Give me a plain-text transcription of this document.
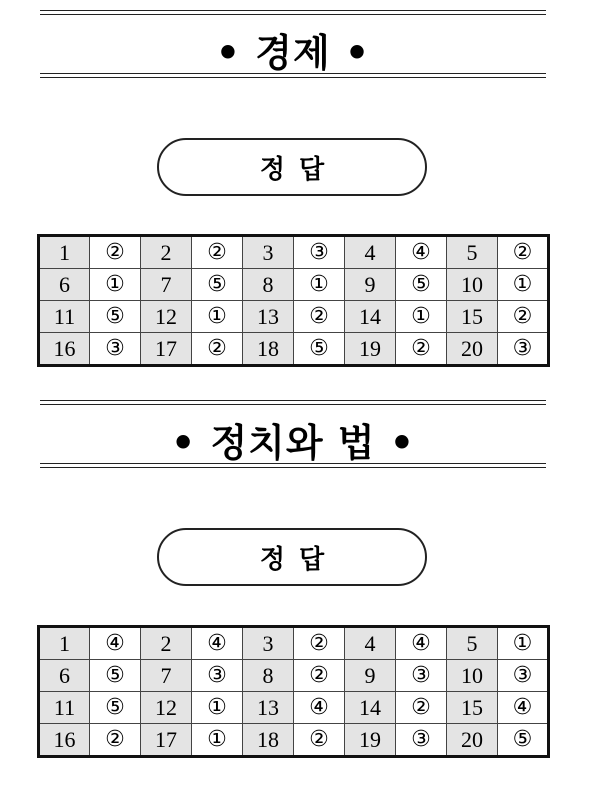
• 경제 •
정답
1	②	2	②	3	③	4	④	5	②
6	①	7	⑤	8	①	9	⑤	10	①
11	⑤	12	①	13	②	14	①	15	②
16	③	17	②	18	⑤	19	②	20	③
• 정치와 법 •
정답
1	④	2	④	3	②	4	④	5	①
6	⑤	7	③	8	②	9	③	10	③
11	⑤	12	①	13	④	14	②	15	④
16	②	17	①	18	②	19	③	20	⑤
